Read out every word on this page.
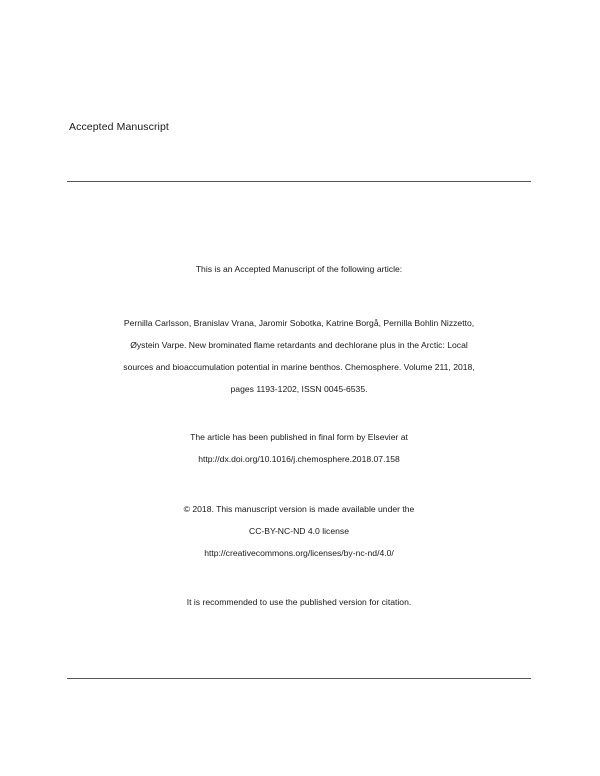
Accepted Manuscript
This is an Accepted Manuscript of the following article:
Pernilla Carlsson, Branislav Vrana, Jaromir Sobotka, Katrine Borgå, Pernilla Bohlin Nizzetto,
Øystein Varpe. New brominated flame retardants and dechlorane plus in the Arctic: Local
sources and bioaccumulation potential in marine benthos. Chemosphere. Volume 211, 2018,
pages 1193-1202, ISSN 0045-6535.
The article has been published in final form by Elsevier at
http://dx.doi.org/10.1016/j.chemosphere.2018.07.158
© 2018. This manuscript version is made available under the
CC-BY-NC-ND 4.0 license
http://creativecommons.org/licenses/by-nc-nd/4.0/
It is recommended to use the published version for citation.
